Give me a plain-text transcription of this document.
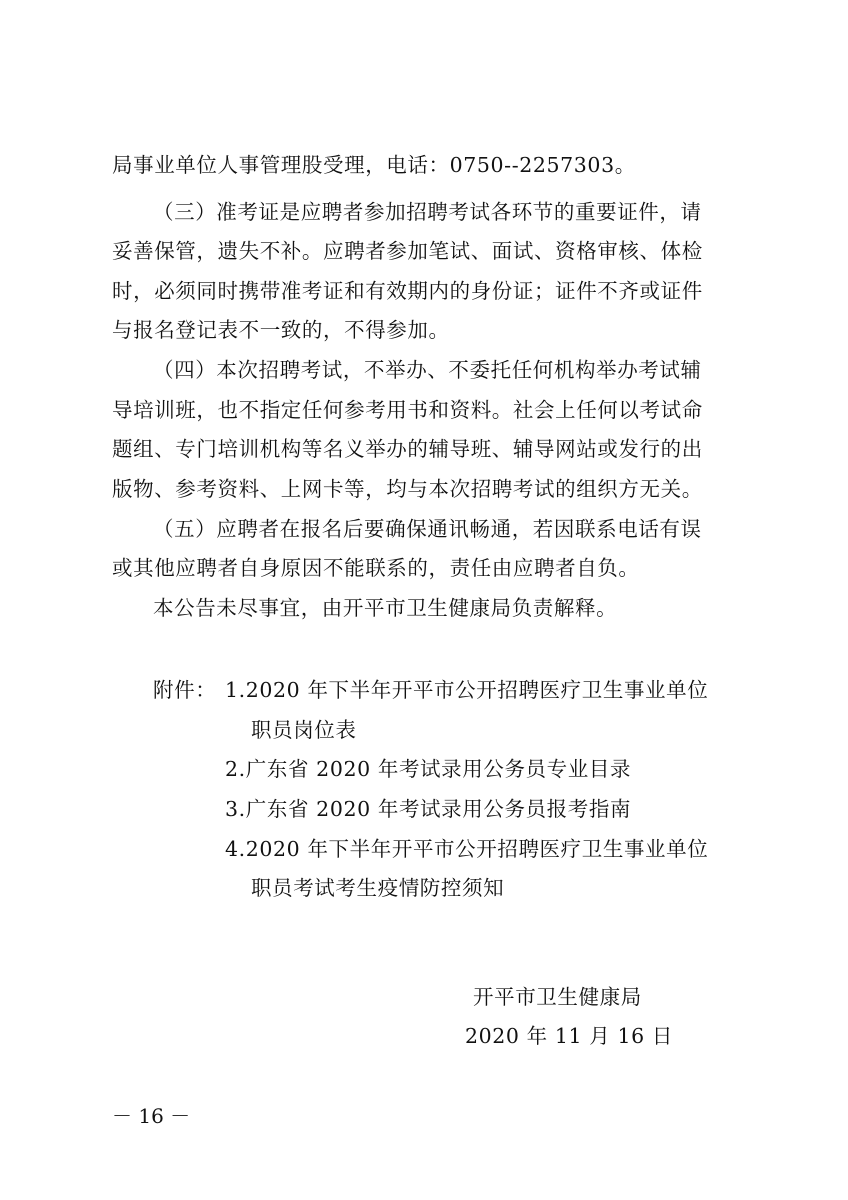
局事业单位人事管理股受理，电话：0750--2257303。
（三）准考证是应聘者参加招聘考试各环节的重要证件，请
妥善保管，遗失不补。应聘者参加笔试、面试、资格审核、体检
时，必须同时携带准考证和有效期内的身份证；证件不齐或证件
与报名登记表不一致的，不得参加。
（四）本次招聘考试，不举办、不委托任何机构举办考试辅
导培训班，也不指定任何参考用书和资料。社会上任何以考试命
题组、专门培训机构等名义举办的辅导班、辅导网站或发行的出
版物、参考资料、上网卡等，均与本次招聘考试的组织方无关。
（五）应聘者在报名后要确保通讯畅通，若因联系电话有误
或其他应聘者自身原因不能联系的，责任由应聘者自负。
本公告未尽事宜，由开平市卫生健康局负责解释。
附件： 1.2020 年下半年开平市公开招聘医疗卫生事业单位
职员岗位表
2.广东省 2020 年考试录用公务员专业目录
3.广东省 2020 年考试录用公务员报考指南
4.2020 年下半年开平市公开招聘医疗卫生事业单位
职员考试考生疫情防控须知
开平市卫生健康局
2020 年 11 月 16 日
－ 16 －
